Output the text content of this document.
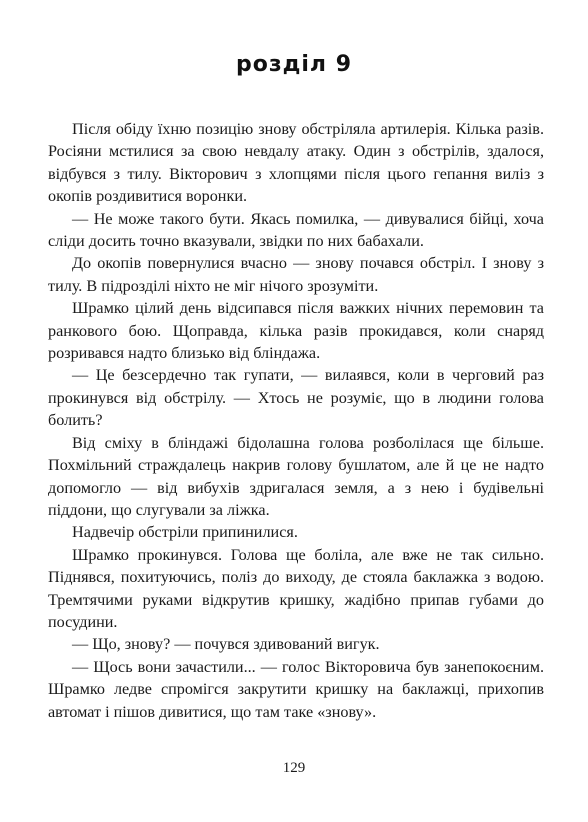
розділ 9

Після обіду їхню позицію знову обстріляла артилерія. Кілька разів. Росіяни мстилися за свою невдалу атаку. Один з обстрілів, здалося, відбувся з тилу. Вікторович з хлопцями після цього гепання виліз з окопів роздивитися воронки.

— Не може такого бути. Якась помилка, — дивувалися бійці, хоча сліди досить точно вказували, звідки по них бабахали.

До окопів повернулися вчасно — знову почався обстріл. І знову з тилу. В підрозділі ніхто не міг нічого зрозуміти.

Шрамко цілий день відсипався після важких нічних перемовин та ранкового бою. Щоправда, кілька разів прокидався, коли снаряд розривався надто близько від бліндажа.

— Це безсердечно так гупати, — вилаявся, коли в черговий раз прокинувся від обстрілу. — Хтось не розуміє, що в людини голова болить?

Від сміху в бліндажі бідолашна голова розболілася ще більше. Похмільний страждалець накрив голову бушлатом, але й це не надто допомогло — від вибухів здригалася земля, а з нею і будівельні піддони, що слугували за ліжка.

Надвечір обстріли припинилися.

Шрамко прокинувся. Голова ще боліла, але вже не так сильно. Піднявся, похитуючись, поліз до виходу, де стояла баклажка з водою. Тремтячими руками відкрутив кришку, жадібно припав губами до посудини.

— Що, знову? — почувся здивований вигук.

— Щось вони зачастили... — голос Вікторовича був занепокоєним. Шрамко ледве спромігся закрутити кришку на баклажці, прихопив автомат і пішов дивитися, що там таке «знову».

129
